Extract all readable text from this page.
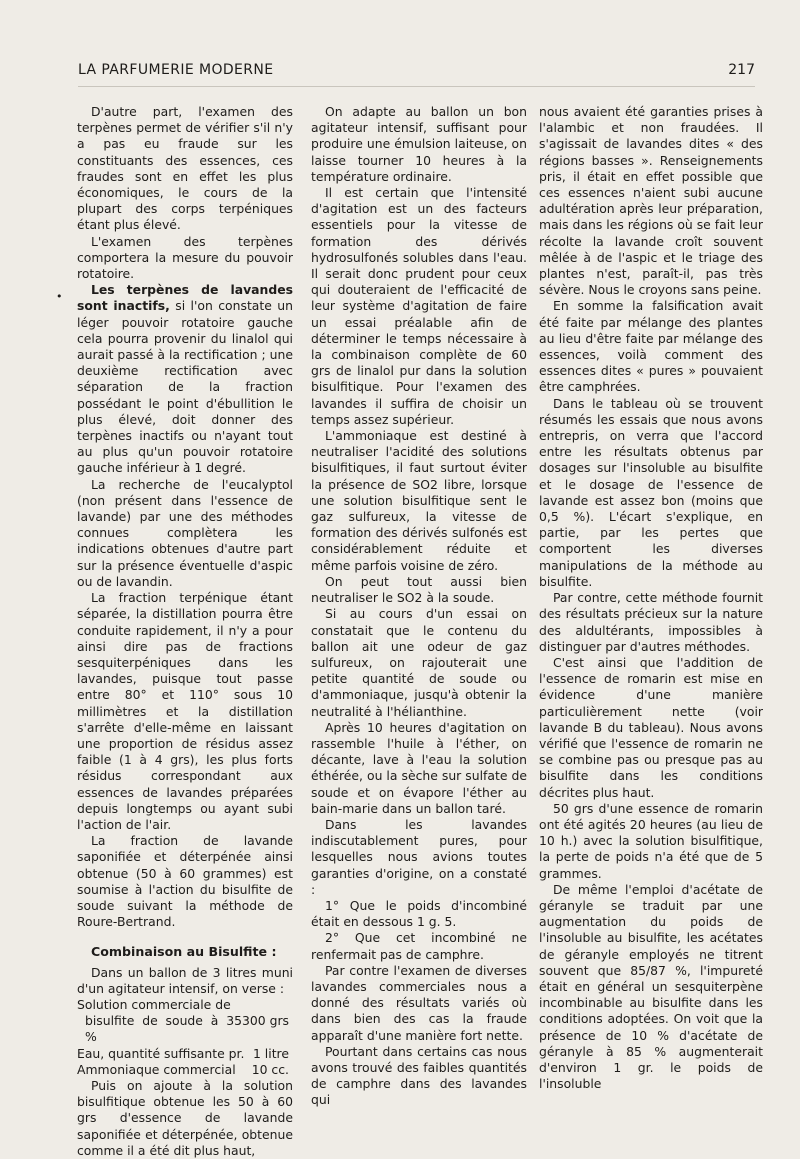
LA PARFUMERIE MODERNE	217
•

D'autre part, l'examen des terpènes permet de vérifier s'il n'y a pas eu fraude sur les constituants des essences, ces fraudes sont en effet les plus économiques, le cours de la plupart des corps terpéniques étant plus élevé.

L'examen des terpènes comportera la mesure du pouvoir rotatoire.

Les terpènes de lavandes sont inactifs, si l'on constate un léger pouvoir rotatoire gauche cela pourra provenir du linalol qui aurait passé à la rectification ; une deuxième rectification avec séparation de la fraction possédant le point d'ébullition le plus élevé, doit donner des terpènes inactifs ou n'ayant tout au plus qu'un pouvoir rotatoire gauche inférieur à 1 degré.

La recherche de l'eucalyptol (non présent dans l'essence de lavande) par une des méthodes connues complètera les indications obtenues d'autre part sur la présence éventuelle d'aspic ou de lavandin.

La fraction terpénique étant séparée, la distillation pourra être conduite rapidement, il n'y a pour ainsi dire pas de fractions sesquiterpéniques dans les lavandes, puisque tout passe entre 80° et 110° sous 10 millimètres et la distillation s'arrête d'elle-même en laissant une proportion de résidus assez faible (1 à 4 grs), les plus forts résidus correspondant aux essences de lavandes préparées depuis longtemps ou ayant subi l'action de l'air.

La fraction de lavande saponifiée et déterpénée ainsi obtenue (50 à 60 grammes) est soumise à l'action du bisulfite de soude suivant la méthode de Roure-Bertrand.

Combinaison au Bisulfite :

Dans un ballon de 3 litres muni d'un agitateur intensif, on verse :

Solution commerciale de
bisulfite de soude à 35 %
300 grs
Eau, quantité suffisante pr. 1 litre
Ammoniaque commercial 10 cc.

Puis on ajoute à la solution bisulfitique obtenue les 50 à 60 grs d'essence de lavande saponifiée et déterpénée, obtenue comme il a été dit plus haut,

On adapte au ballon un bon agitateur intensif, suffisant pour produire une émulsion laiteuse, on laisse tourner 10 heures à la température ordinaire.

Il est certain que l'intensité d'agitation est un des facteurs essentiels pour la vitesse de formation des dérivés hydrosulfonés solubles dans l'eau. Il serait donc prudent pour ceux qui douteraient de l'efficacité de leur système d'agitation de faire un essai préalable afin de déterminer le temps nécessaire à la combinaison complète de 60 grs de linalol pur dans la solution bisulfitique. Pour l'examen des lavandes il suffira de choisir un temps assez supérieur.

L'ammoniaque est destiné à neutraliser l'acidité des solutions bisulfitiques, il faut surtout éviter la présence de SO2 libre, lorsque une solution bisulfitique sent le gaz sulfureux, la vitesse de formation des dérivés sulfonés est considérablement réduite et même parfois voisine de zéro.

On peut tout aussi bien neutraliser le SO2 à la soude.

Si au cours d'un essai on constatait que le contenu du ballon ait une odeur de gaz sulfureux, on rajouterait une petite quantité de soude ou d'ammoniaque, jusqu'à obtenir la neutralité à l'hélianthine.

Après 10 heures d'agitation on rassemble l'huile à l'éther, on décante, lave à l'eau la solution éthérée, ou la sèche sur sulfate de soude et on évapore l'éther au bain-marie dans un ballon taré.

Dans les lavandes indiscutablement pures, pour lesquelles nous avions toutes garanties d'origine, on a constaté :

1° Que le poids d'incombiné était en dessous 1 g. 5.

2° Que cet incombiné ne renfermait pas de camphre.

Par contre l'examen de diverses lavandes commerciales nous a donné des résultats variés où dans bien des cas la fraude apparaît d'une manière fort nette.

Pourtant dans certains cas nous avons trouvé des faibles quantités de camphre dans des lavandes qui

nous avaient été garanties prises à l'alambic et non fraudées. Il s'agissait de lavandes dites « des régions basses ». Renseignements pris, il était en effet possible que ces essences n'aient subi aucune adultération après leur préparation, mais dans les régions où se fait leur récolte la lavande croît souvent mêlée à de l'aspic et le triage des plantes n'est, paraît-il, pas très sévère. Nous le croyons sans peine.

En somme la falsification avait été faite par mélange des plantes au lieu d'être faite par mélange des essences, voilà comment des essences dites « pures » pouvaient être camphrées.

Dans le tableau où se trouvent résumés les essais que nous avons entrepris, on verra que l'accord entre les résultats obtenus par dosages sur l'insoluble au bisulfite et le dosage de l'essence de lavande est assez bon (moins que 0,5 %). L'écart s'explique, en partie, par les pertes que comportent les diverses manipulations de la méthode au bisulfite.

Par contre, cette méthode fournit des résultats précieux sur la nature des aldultérants, impossibles à distinguer par d'autres méthodes.

C'est ainsi que l'addition de l'essence de romarin est mise en évidence d'une manière particulièrement nette (voir lavande B du tableau). Nous avons vérifié que l'essence de romarin ne se combine pas ou presque pas au bisulfite dans les conditions décrites plus haut.

50 grs d'une essence de romarin ont été agités 20 heures (au lieu de 10 h.) avec la solution bisulfitique, la perte de poids n'a été que de 5 grammes.

De même l'emploi d'acétate de géranyle se traduit par une augmentation du poids de l'insoluble au bisulfite, les acétates de géranyle employés ne titrent souvent que 85/87 %, l'impureté était en général un sesquiterpène incombinable au bisulfite dans les conditions adoptées. On voit que la présence de 10 % d'acétate de géranyle à 85 % augmenterait d'environ 1 gr. le poids de l'insoluble
